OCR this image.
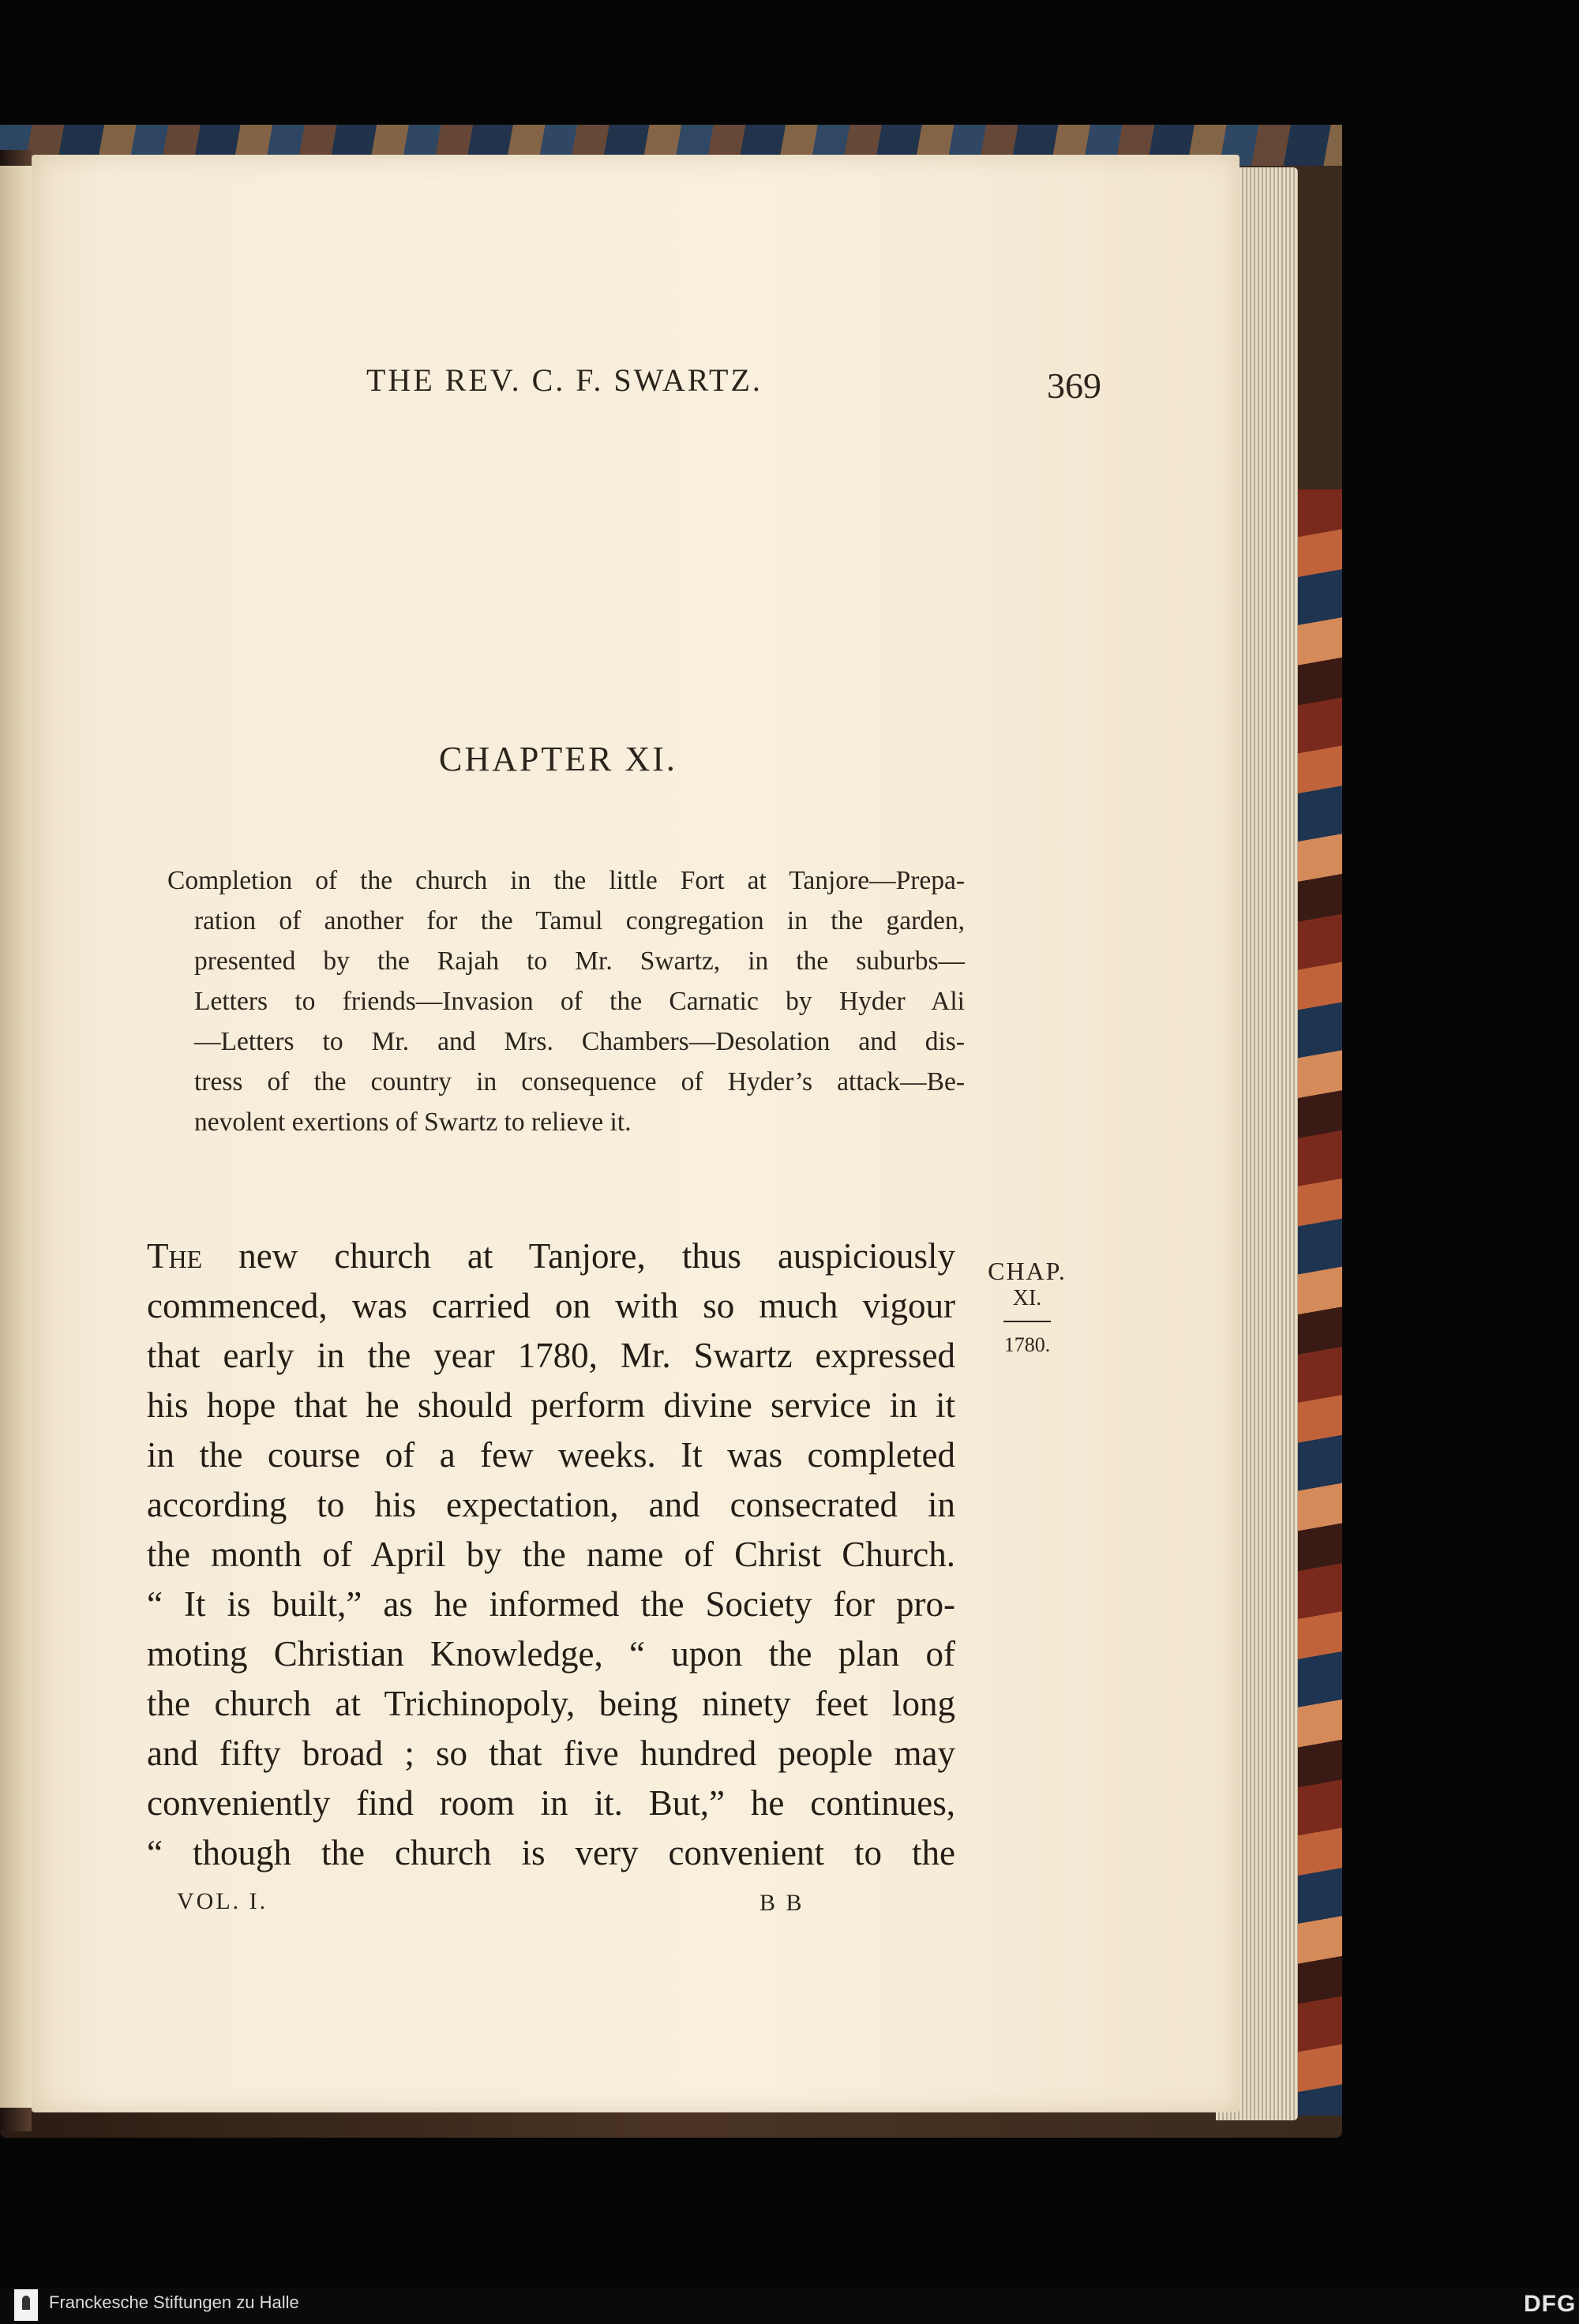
THE REV. C. F. SWARTZ.	369
CHAPTER XI.
Completion of the church in the little Fort at Tanjore—Prepa-
ration of another for the Tamul congregation in the garden,
presented by the Rajah to Mr. Swartz, in the suburbs—
Letters to friends—Invasion of the Carnatic by Hyder Ali
—Letters to Mr. and Mrs. Chambers—Desolation and dis-
tress of the country in consequence of Hyder’s attack—Be-
nevolent exertions of Swartz to relieve it.
The new church at Tanjore, thus auspiciously
commenced, was carried on with so much vigour
that early in the year 1780, Mr. Swartz expressed
his hope that he should perform divine service in it
in the course of a few weeks. It was completed
according to his expectation, and consecrated in
the month of April by the name of Christ Church.
“ It is built,” as he informed the Society for pro-
moting Christian Knowledge, “ upon the plan of
the church at Trichinopoly, being ninety feet long
and fifty broad ; so that five hundred people may
conveniently find room in it. But,” he continues,
“ though the church is very convenient to the
CHAP.
XI.
1780.
VOL. I.	B B
Franckesche Stiftungen zu Halle	DFG
